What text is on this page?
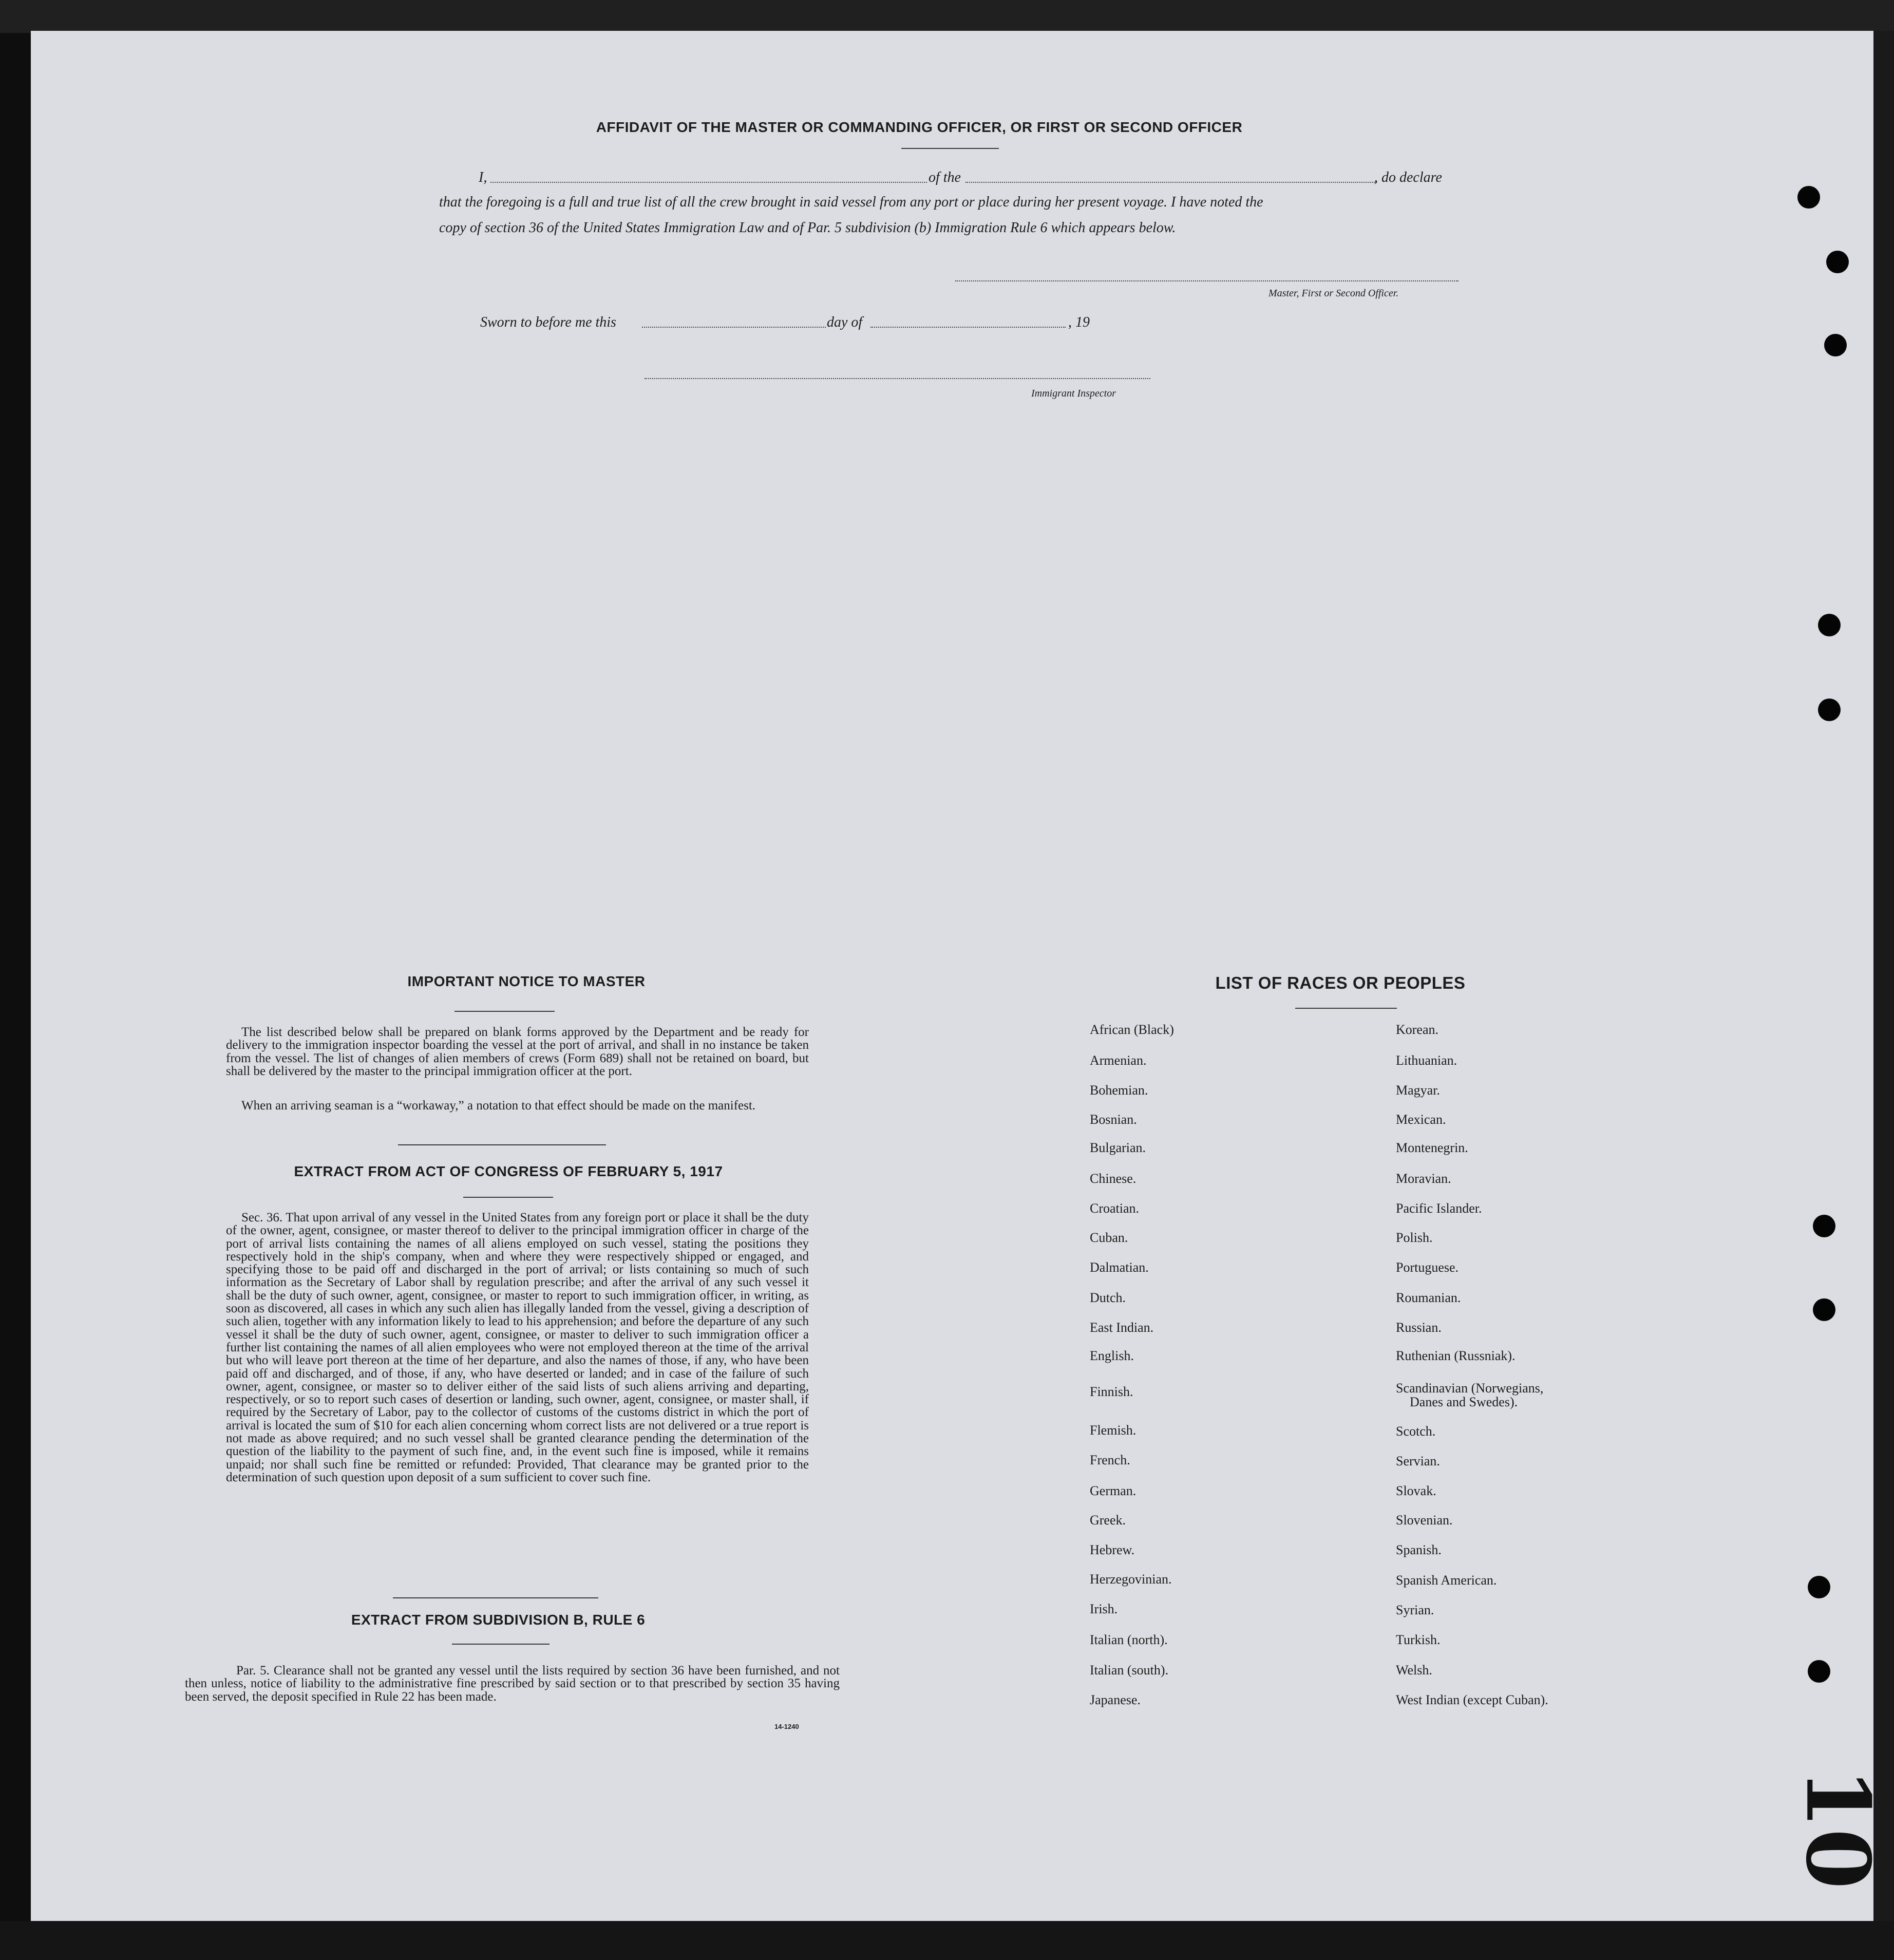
AFFIDAVIT OF THE MASTER OR COMMANDING OFFICER, OR FIRST OR SECOND OFFICER
I,	of the	, do declare
that the foregoing is a full and true list of all the crew brought in said vessel from any port or place during her present voyage. I have noted the
copy of section 36 of the United States Immigration Law and of Par. 5 subdivision (b) Immigration Rule 6 which appears below.
Master, First or Second Officer.
Sworn to before me this	day of	, 19
Immigrant Inspector
IMPORTANT NOTICE TO MASTER
The list described below shall be prepared on blank forms approved by the Department and be ready for delivery to the immigration inspector boarding the vessel at the port of arrival, and shall in no instance be taken from the vessel. The list of changes of alien members of crews (Form 689) shall not be retained on board, but shall be delivered by the master to the principal immigration officer at the port.
When an arriving seaman is a “workaway,” a notation to that effect should be made on the manifest.
EXTRACT FROM ACT OF CONGRESS OF FEBRUARY 5, 1917
Sec. 36. That upon arrival of any vessel in the United States from any foreign port or place it shall be the duty of the owner, agent, consignee, or master thereof to deliver to the principal immigration officer in charge of the port of arrival lists containing the names of all aliens employed on such vessel, stating the positions they respectively hold in the ship's company, when and where they were respectively shipped or engaged, and specifying those to be paid off and discharged in the port of arrival; or lists containing so much of such information as the Secretary of Labor shall by regulation prescribe; and after the arrival of any such vessel it shall be the duty of such owner, agent, consignee, or master to report to such immigration officer, in writing, as soon as discovered, all cases in which any such alien has illegally landed from the vessel, giving a description of such alien, together with any information likely to lead to his apprehension; and before the departure of any such vessel it shall be the duty of such owner, agent, consignee, or master to deliver to such immigration officer a further list containing the names of all alien employees who were not employed thereon at the time of the arrival but who will leave port thereon at the time of her departure, and also the names of those, if any, who have been paid off and discharged, and of those, if any, who have deserted or landed; and in case of the failure of such owner, agent, consignee, or master so to deliver either of the said lists of such aliens arriving and departing, respectively, or so to report such cases of desertion or landing, such owner, agent, consignee, or master shall, if required by the Secretary of Labor, pay to the collector of customs of the customs district in which the port of arrival is located the sum of $10 for each alien concerning whom correct lists are not delivered or a true report is not made as above required; and no such vessel shall be granted clearance pending the determination of the question of the liability to the payment of such fine, and, in the event such fine is imposed, while it remains unpaid; nor shall such fine be remitted or refunded: Provided, That clearance may be granted prior to the determination of such question upon deposit of a sum sufficient to cover such fine.
EXTRACT FROM SUBDIVISION B, RULE 6
Par. 5. Clearance shall not be granted any vessel until the lists required by section 36 have been furnished, and not then unless, notice of liability to the administrative fine prescribed by said section or to that prescribed by section 35 having been served, the deposit specified in Rule 22 has been made.
14-1240
LIST OF RACES OR PEOPLES
African (Black)
Armenian.
Bohemian.
Bosnian.
Bulgarian.
Chinese.
Croatian.
Cuban.
Dalmatian.
Dutch.
East Indian.
English.
Finnish.
Flemish.
French.
German.
Greek.
Hebrew.
Herzegovinian.
Irish.
Italian (north).
Italian (south).
Japanese.
Korean.
Lithuanian.
Magyar.
Mexican.
Montenegrin.
Moravian.
Pacific Islander.
Polish.
Portuguese.
Roumanian.
Russian.
Ruthenian (Russniak).
Scandinavian (Norwegians,
Danes and Swedes).
Scotch.
Servian.
Slovak.
Slovenian.
Spanish.
Spanish American.
Syrian.
Turkish.
Welsh.
West Indian (except Cuban).
10
